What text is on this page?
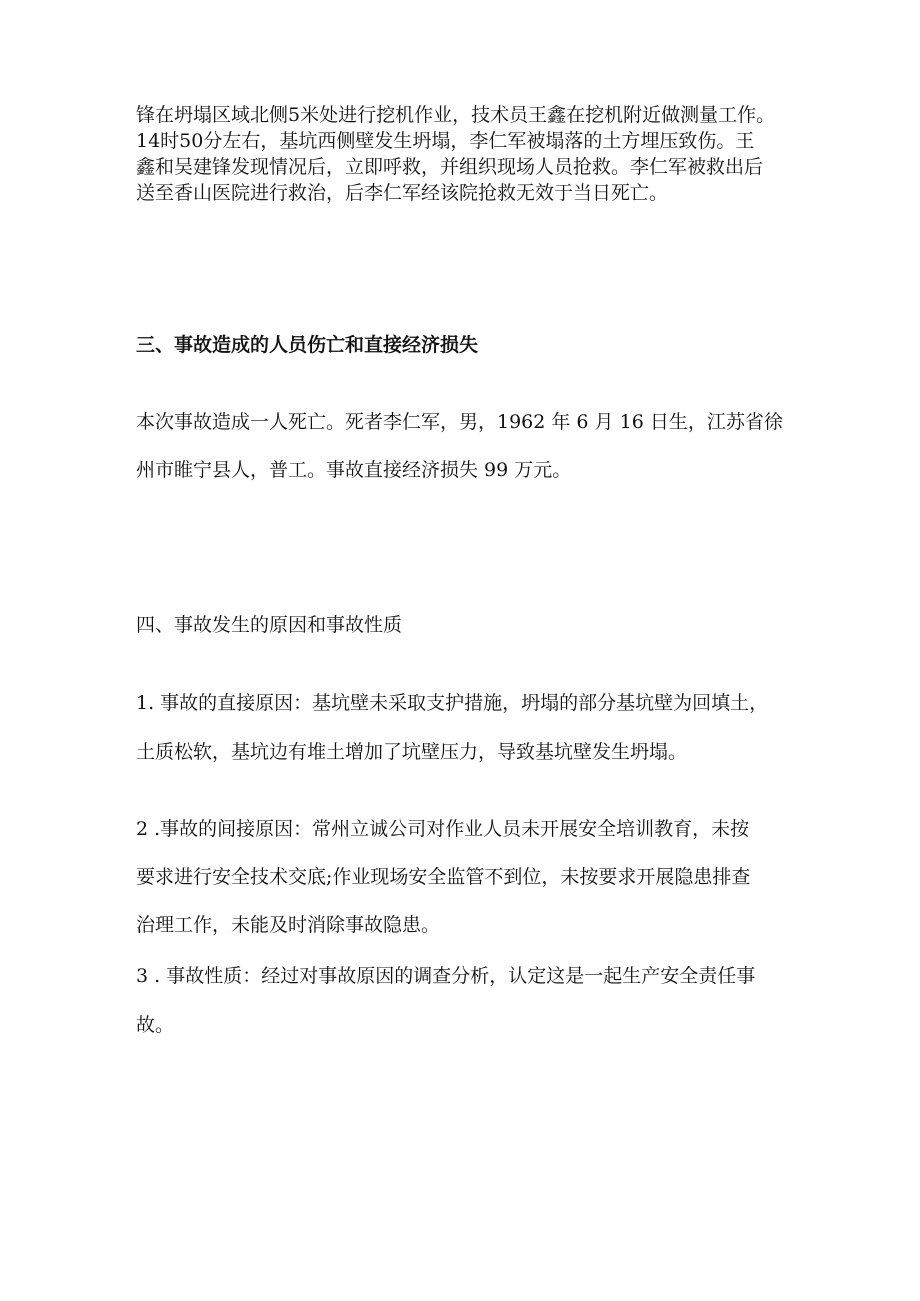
锋在坍塌区域北侧5米处进行挖机作业，技术员王鑫在挖机附近做测量工作。
14时50分左右，基坑西侧壁发生坍塌，李仁军被塌落的土方埋压致伤。王
鑫和吴建锋发现情况后，立即呼救，并组织现场人员抢救。李仁军被救出后
送至香山医院进行救治，后李仁军经该院抢救无效于当日死亡。
三、事故造成的人员伤亡和直接经济损失
本次事故造成一人死亡。死者李仁军，男，1962 年 6 月 16 日生，江苏省徐
州市睢宁县人，普工。事故直接经济损失 99 万元。
四、事故发生的原因和事故性质
1. 事故的直接原因：基坑壁未采取支护措施，坍塌的部分基坑壁为回填土，
土质松软，基坑边有堆土增加了坑壁压力，导致基坑壁发生坍塌。
2 .事故的间接原因：常州立诚公司对作业人员未开展安全培训教育，未按
要求进行安全技术交底;作业现场安全监管不到位，未按要求开展隐患排查
治理工作，未能及时消除事故隐患。
3 . 事故性质：经过对事故原因的调查分析，认定这是一起生产安全责任事
故。
